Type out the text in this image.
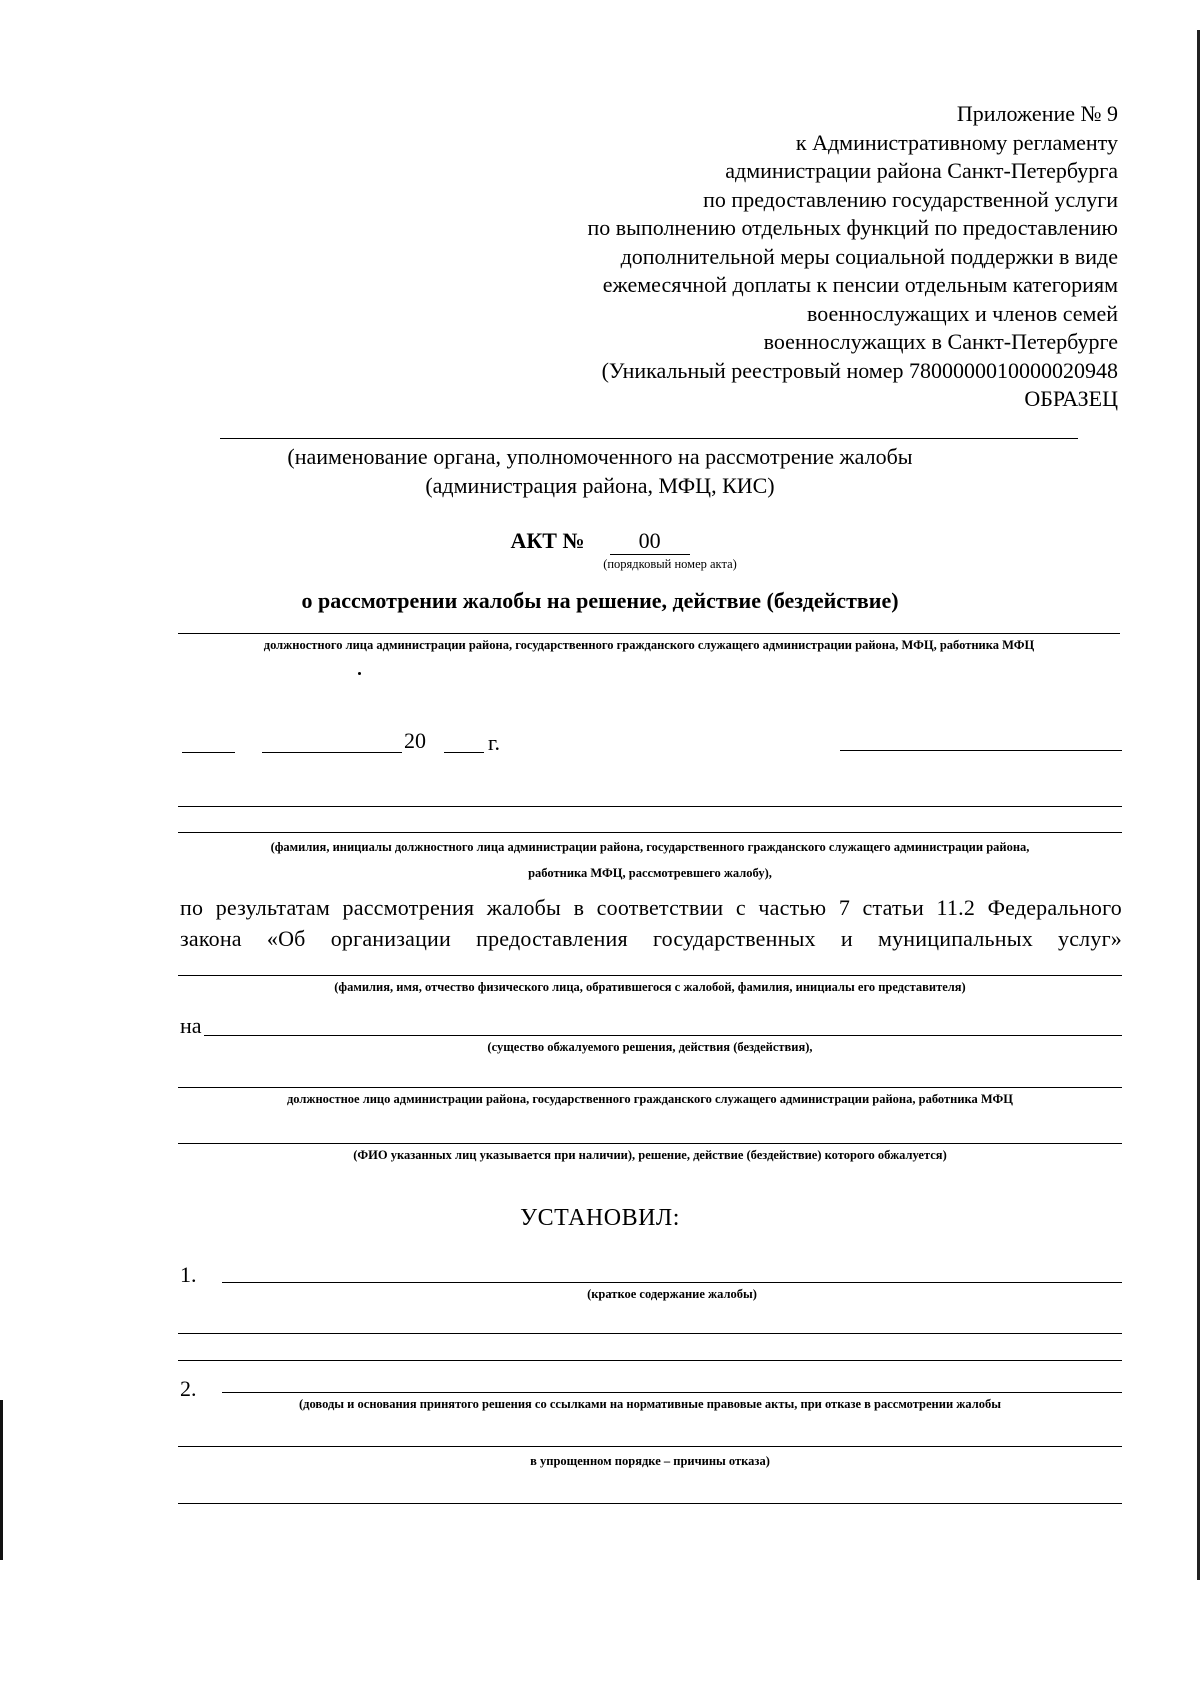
Приложение № 9
к Административному регламенту
администрации района Санкт-Петербурга
по предоставлению государственной услуги
по выполнению отдельных функций по предоставлению
дополнительной меры социальной поддержки в виде
ежемесячной доплаты к пенсии отдельным категориям
военнослужащих и членов семей
военнослужащих в Санкт-Петербурге
(Уникальный реестровый номер 7800000010000020948
ОБРАЗЕЦ
(наименование органа, уполномоченного на рассмотрение жалобы
(администрация района, МФЦ, КИС)
АКТ № 00
(порядковый номер акта)
о рассмотрении жалобы на решение, действие (бездействие)
должностного лица администрации района, государственного гражданского служащего администрации района, МФЦ, работника МФЦ
20	г.
(фамилия, инициалы должностного лица администрации района, государственного гражданского служащего администрации района,
работника МФЦ, рассмотревшего жалобу),
по результатам рассмотрения жалобы в соответствии с частью 7 статьи 11.2 Федерального
закона «Об организации предоставления государственных и муниципальных услуг»
(фамилия, имя, отчество физического лица, обратившегося с жалобой, фамилия, инициалы его представителя)
на
(существо обжалуемого решения, действия (бездействия),
должностное лицо администрации района, государственного гражданского служащего администрации района, работника МФЦ
(ФИО указанных лиц указывается при наличии), решение, действие (бездействие) которого обжалуется)
УСТАНОВИЛ:
1.
(краткое содержание жалобы)
2.
(доводы и основания принятого решения со ссылками на нормативные правовые акты, при отказе в рассмотрении жалобы
в упрощенном порядке – причины отказа)
